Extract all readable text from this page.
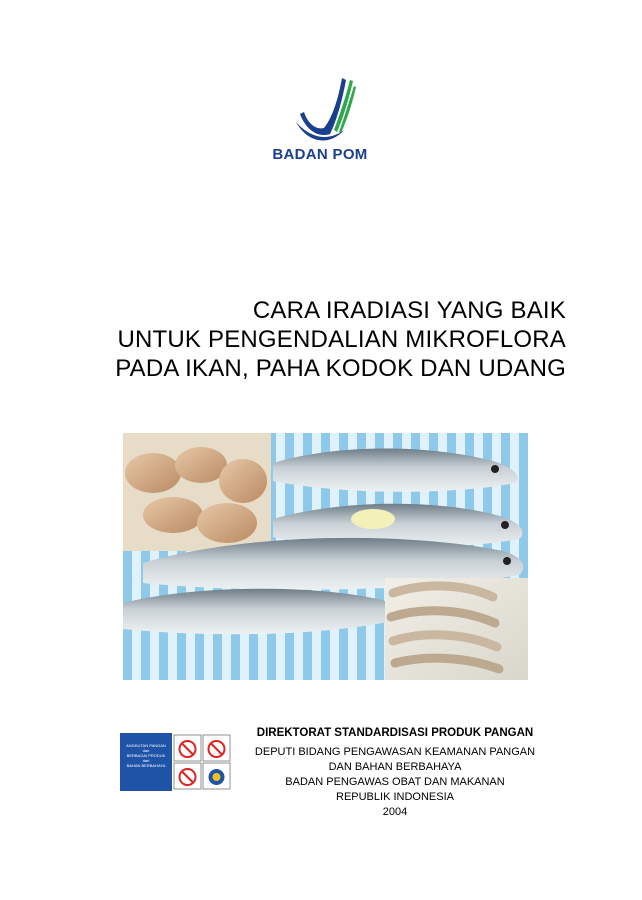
BADAN POM
CARA IRADIASI YANG BAIK
UNTUK PENGENDALIAN MIKROFLORA
PADA IKAN, PAHA KODOK DAN UDANG
ANGKUTAN PANGAN
dan
BERBAGAI PRODUK
dari
BAHAN BERBAHAYA
DIREKTORAT STANDARDISASI PRODUK PANGAN
DEPUTI BIDANG PENGAWASAN KEAMANAN PANGAN
DAN BAHAN BERBAHAYA
BADAN PENGAWAS OBAT DAN MAKANAN
REPUBLIK INDONESIA
2004
